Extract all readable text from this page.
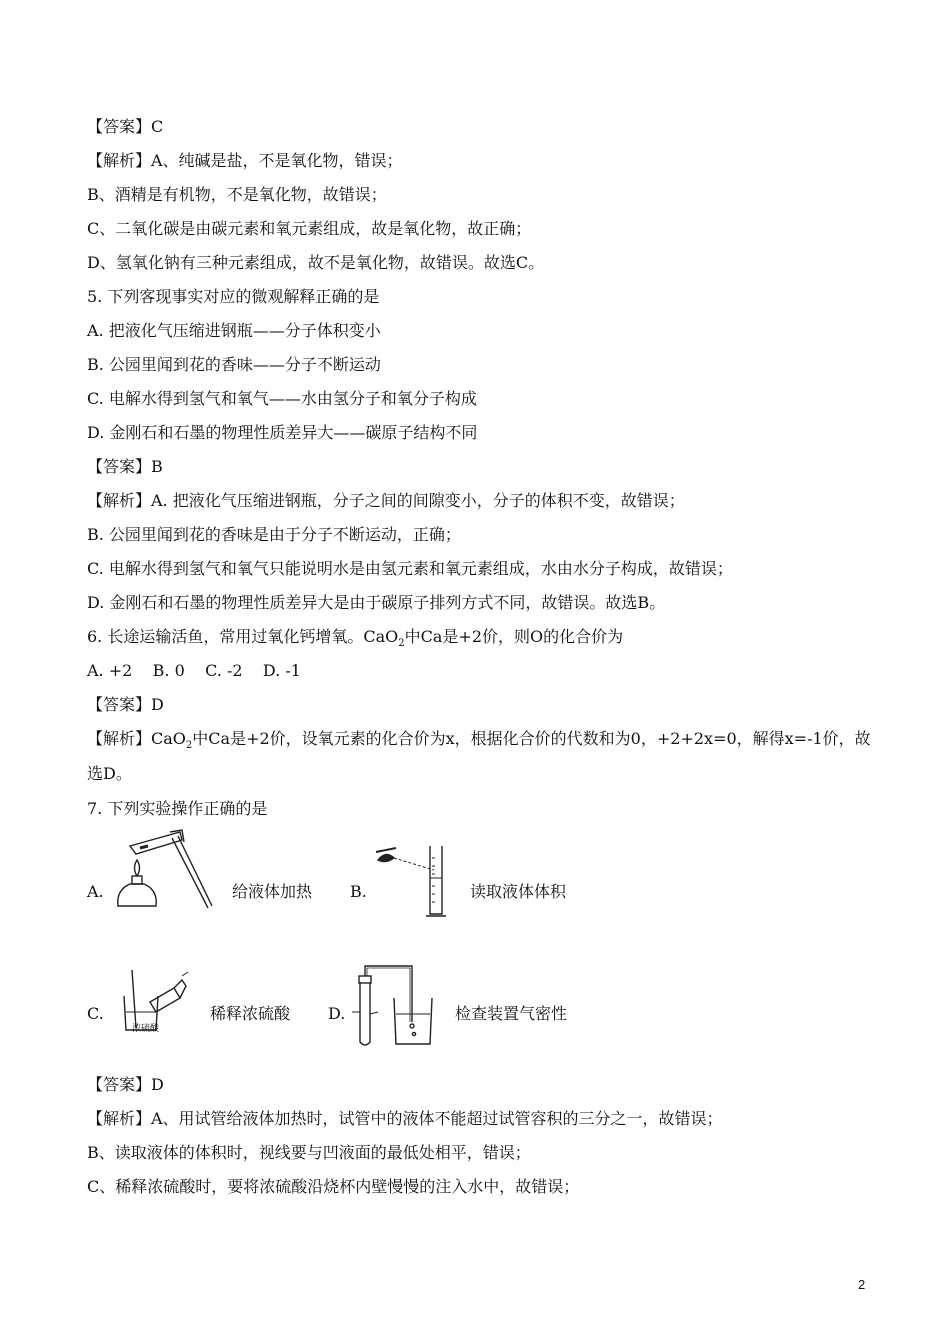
【答案】C
【解析】A、纯碱是盐，不是氧化物，错误；
B、酒精是有机物，不是氧化物，故错误；
C、二氧化碳是由碳元素和氧元素组成，故是氧化物，故正确；
D、氢氧化钠有三种元素组成，故不是氧化物，故错误。故选C。
5. 下列客现事实对应的微观解释正确的是
A. 把液化气压缩进钢瓶——分子体积变小
B. 公园里闻到花的香味——分子不断运动
C. 电解水得到氢气和氧气——水由氢分子和氧分子构成
D. 金刚石和石墨的物理性质差异大——碳原子结构不同
【答案】B
【解析】A. 把液化气压缩进钢瓶，分子之间的间隙变小，分子的体积不变，故错误；
B. 公园里闻到花的香味是由于分子不断运动，正确；
C. 电解水得到氢气和氧气只能说明水是由氢元素和氧元素组成，水由水分子构成，故错误；
D. 金刚石和石墨的物理性质差异大是由于碳原子排列方式不同，故错误。故选B。
6. 长途运输活鱼，常用过氧化钙增氧。CaO$_2$中Ca是+2价，则O的化合价为
A. +2    B. 0    C. -2    D. -1
【答案】D
【解析】CaO$_2$中Ca是+2价，设氧元素的化合价为x，根据化合价的代数和为0，+2+2x=0，解得x=-1价，故
选D。
7. 下列实验操作正确的是
A.	给液体加热 B.	读取液体体积
C.
浓硫酸
稀释浓硫酸 D.	检查装置气密性
【答案】D
【解析】A、用试管给液体加热时，试管中的液体不能超过试管容积的三分之一，故错误；
B、读取液体的体积时，视线要与凹液面的最低处相平，错误；
C、稀释浓硫酸时，要将浓硫酸沿烧杯内壁慢慢的注入水中，故错误；
2
